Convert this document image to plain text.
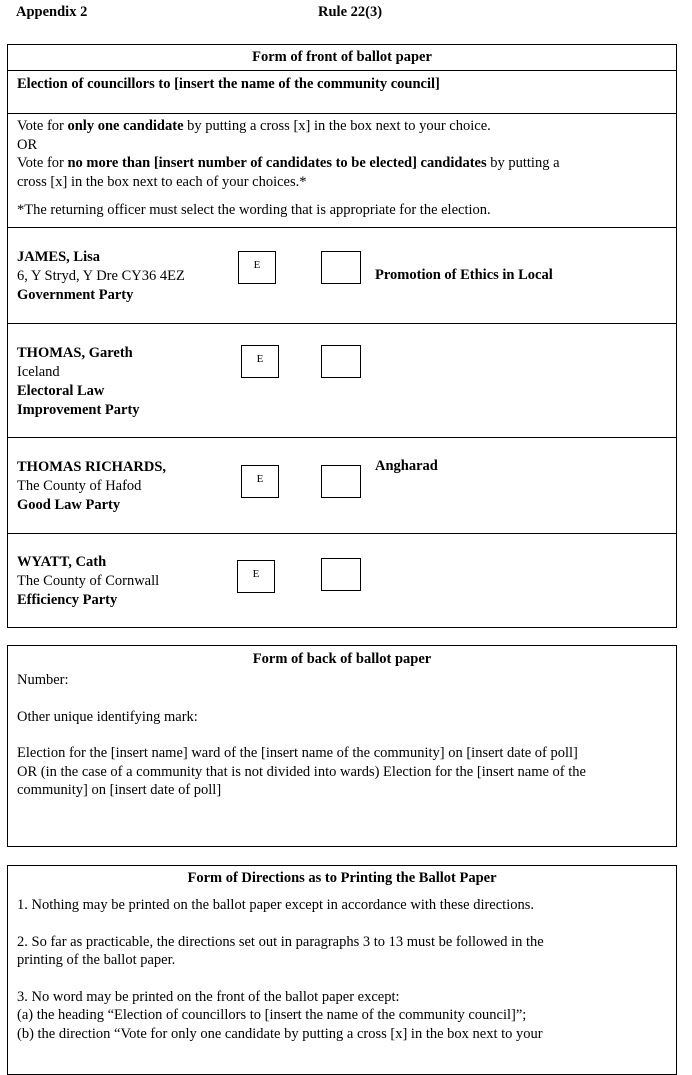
Appendix 2	Rule 22(3)
Form of front of ballot paper
Election of councillors to [insert the name of the community council]
Vote for only one candidate by putting a cross [x] in the box next to your choice.
OR
Vote for no more than [insert number of candidates to be elected] candidates by putting a
cross [x] in the box next to each of your choices.*
*The returning officer must select the wording that is appropriate for the election.
JAMES, Lisa
6, Y Stryd, Y Dre CY36 4EZ
Government Party
E
Promotion of Ethics in Local
THOMAS, Gareth
Iceland
Electoral Law
Improvement Party
E
THOMAS RICHARDS,
The County of Hafod
Good Law Party
E
Angharad
WYATT, Cath
The County of Cornwall
Efficiency Party
E
Form of back of ballot paper
Number:
Other unique identifying mark:
Election for the [insert name] ward of the [insert name of the community] on [insert date of poll]
OR (in the case of a community that is not divided into wards) Election for the [insert name of the
community] on [insert date of poll]
Form of Directions as to Printing the Ballot Paper
1. Nothing may be printed on the ballot paper except in accordance with these directions.
2. So far as practicable, the directions set out in paragraphs 3 to 13 must be followed in the
printing of the ballot paper.
3. No word may be printed on the front of the ballot paper except:
(a) the heading “Election of councillors to [insert the name of the community council]”;
(b) the direction “Vote for only one candidate by putting a cross [x] in the box next to your
